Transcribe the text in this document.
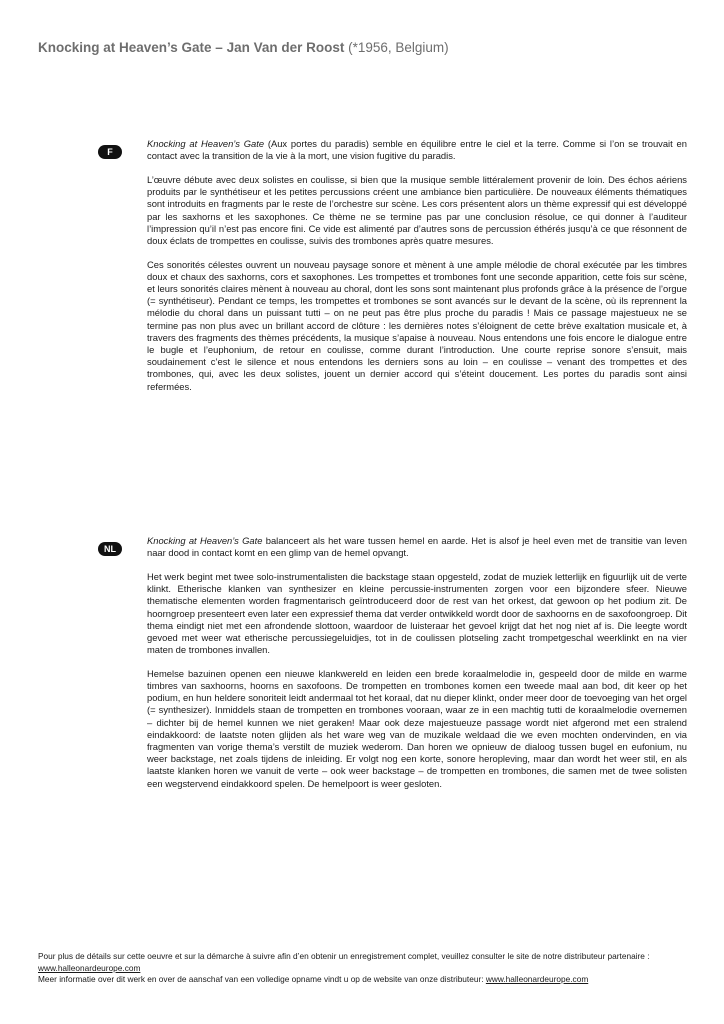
Knocking at Heaven’s Gate – Jan Van der Roost (*1956, Belgium)
F

Knocking at Heaven’s Gate (Aux portes du paradis) semble en équilibre entre le ciel et la terre. Comme si l’on se trouvait en contact avec la transition de la vie à la mort, une vision fugitive du paradis.

L’œuvre débute avec deux solistes en coulisse, si bien que la musique semble littéralement provenir de loin. Des échos aériens produits par le synthétiseur et les petites percussions créent une ambiance bien particulière. De nouveaux éléments thématiques sont introduits en fragments par le reste de l’orchestre sur scène. Les cors présentent alors un thème expressif qui est développé par les saxhorns et les saxophones. Ce thème ne se termine pas par une conclusion résolue, ce qui donner à l’auditeur l’impression qu’il n’est pas encore fini. Ce vide est alimenté par d’autres sons de percussion éthérés jusqu’à ce que résonnent de doux éclats de trompettes en coulisse, suivis des trombones après quatre mesures.

Ces sonorités célestes ouvrent un nouveau paysage sonore et mènent à une ample mélodie de choral exécutée par les timbres doux et chaux des saxhorns, cors et saxophones. Les trompettes et trombones font une seconde apparition, cette fois sur scène, et leurs sonorités claires mènent à nouveau au choral, dont les sons sont maintenant plus profonds grâce à la présence de l’orgue (= synthétiseur). Pendant ce temps, les trompettes et trombones se sont avancés sur le devant de la scène, où ils reprennent la mélodie du choral dans un puissant tutti – on ne peut pas être plus proche du paradis ! Mais ce passage majestueux ne se termine pas non plus avec un brillant accord de clôture : les dernières notes s’éloignent de cette brève exaltation musicale et, à travers des fragments des thèmes précédents, la musique s’apaise à nouveau. Nous entendons une fois encore le dialogue entre le bugle et l’euphonium, de retour en coulisse, comme durant l’introduction. Une courte reprise sonore s’ensuit, mais soudainement c’est le silence et nous entendons les derniers sons au loin – en coulisse – venant des trompettes et des trombones, qui, avec les deux solistes, jouent un dernier accord qui s’éteint doucement. Les portes du paradis sont ainsi refermées.

NL

Knocking at Heaven’s Gate balanceert als het ware tussen hemel en aarde. Het is alsof je heel even met de transitie van leven naar dood in contact komt en een glimp van de hemel opvangt.

Het werk begint met twee solo-instrumentalisten die backstage staan opgesteld, zodat de muziek letterlijk en figuurlijk uit de verte klinkt. Etherische klanken van synthesizer en kleine percussie-instrumenten zorgen voor een bijzondere sfeer. Nieuwe thematische elementen worden fragmentarisch geïntroduceerd door de rest van het orkest, dat gewoon op het podium zit. De hoorngroep presenteert even later een expressief thema dat verder ontwikkeld wordt door de saxhoorns en de saxofoongroep. Dit thema eindigt niet met een afrondende slottoon, waardoor de luisteraar het gevoel krijgt dat het nog niet af is. Die leegte wordt gevoed met weer wat etherische percussiegeluidjes, tot in de coulissen plotseling zacht trompetgeschal weerklinkt en na vier maten de trombones invallen.

Hemelse bazuinen openen een nieuwe klankwereld en leiden een brede koraalmelodie in, gespeeld door de milde en warme timbres van saxhoorns, hoorns en saxofoons. De trompetten en trombones komen een tweede maal aan bod, dit keer op het podium, en hun heldere sonoriteit leidt andermaal tot het koraal, dat nu dieper klinkt, onder meer door de toevoeging van het orgel (= synthesizer). Inmiddels staan de trompetten en trombones vooraan, waar ze in een machtig tutti de koraalmelodie overnemen – dichter bij de hemel kunnen we niet geraken! Maar ook deze majestueuze passage wordt niet afgerond met een stralend eindakkoord: de laatste noten glijden als het ware weg van de muzikale weldaad die we even mochten ondervinden, en via fragmenten van vorige thema’s verstilt de muziek wederom. Dan horen we opnieuw de dialoog tussen bugel en eufonium, nu weer backstage, net zoals tijdens de inleiding. Er volgt nog een korte, sonore heropleving, maar dan wordt het weer stil, en als laatste klanken horen we vanuit de verte – ook weer backstage – de trompetten en trombones, die samen met de twee solisten een wegstervend eindakkoord spelen. De hemelpoort is weer gesloten.

Pour plus de détails sur cette oeuvre et sur la démarche à suivre afin d’en obtenir un enregistrement complet, veuillez consulter le site de notre distributeur partenaire : www.halleonardeurope.com
Meer informatie over dit werk en over de aanschaf van een volledige opname vindt u op de website van onze distributeur: www.halleonardeurope.com
